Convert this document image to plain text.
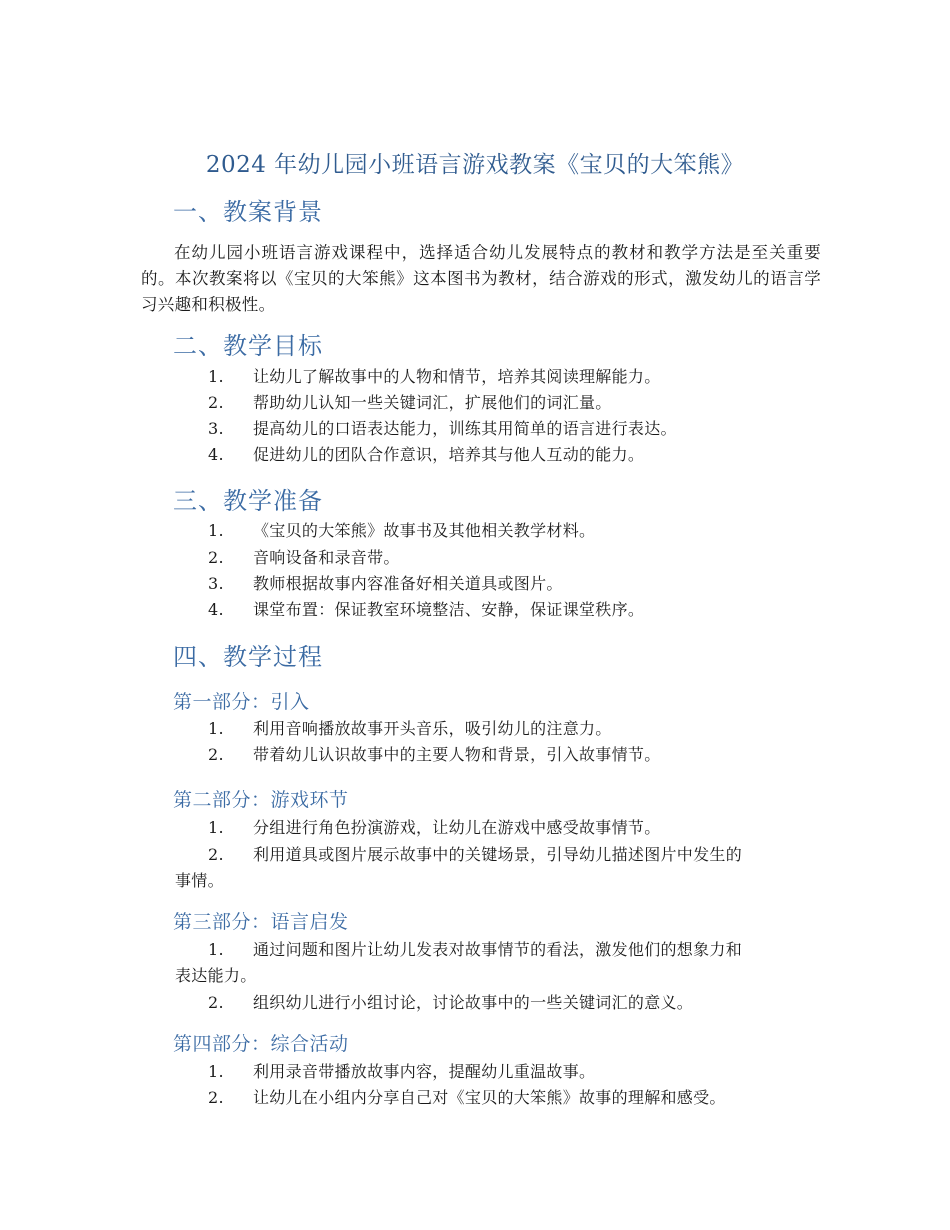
2024 年幼儿园小班语言游戏教案《宝贝的大笨熊》
一、教案背景
在幼儿园小班语言游戏课程中，选择适合幼儿发展特点的教材和教学方法是至关重要的。本次教案将以《宝贝的大笨熊》这本图书为教材，结合游戏的形式，激发幼儿的语言学习兴趣和积极性。
二、教学目标
1. 让幼儿了解故事中的人物和情节，培养其阅读理解能力。
2. 帮助幼儿认知一些关键词汇，扩展他们的词汇量。
3. 提高幼儿的口语表达能力，训练其用简单的语言进行表达。
4. 促进幼儿的团队合作意识，培养其与他人互动的能力。
三、教学准备
1. 《宝贝的大笨熊》故事书及其他相关教学材料。
2. 音响设备和录音带。
3. 教师根据故事内容准备好相关道具或图片。
4. 课堂布置：保证教室环境整洁、安静，保证课堂秩序。
四、教学过程
第一部分：引入
1. 利用音响播放故事开头音乐，吸引幼儿的注意力。
2. 带着幼儿认识故事中的主要人物和背景，引入故事情节。
第二部分：游戏环节
1. 分组进行角色扮演游戏，让幼儿在游戏中感受故事情节。
2. 利用道具或图片展示故事中的关键场景，引导幼儿描述图片中发生的
事情。
第三部分：语言启发
1. 通过问题和图片让幼儿发表对故事情节的看法，激发他们的想象力和
表达能力。
2. 组织幼儿进行小组讨论，讨论故事中的一些关键词汇的意义。
第四部分：综合活动
1. 利用录音带播放故事内容，提醒幼儿重温故事。
2. 让幼儿在小组内分享自己对《宝贝的大笨熊》故事的理解和感受。
